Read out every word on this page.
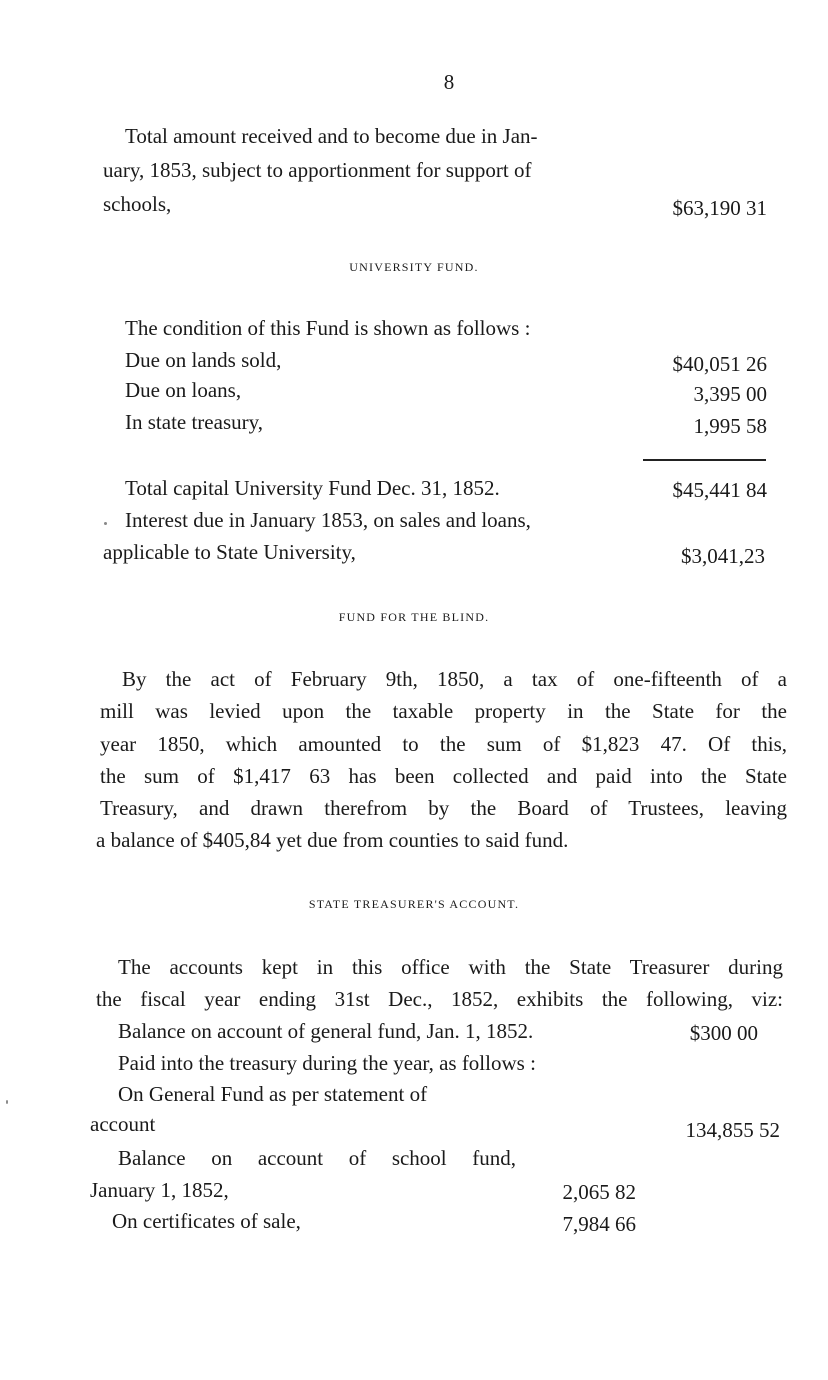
8
Total amount received and to become due in Jan-
uary, 1853, subject to apportionment for support of
schools,	$63,190 31
UNIVERSITY FUND.
The condition of this Fund is shown as follows :
Due on lands sold,	$40,051 26
Due on loans,	3,395 00
In state treasury,	1,995 58
Total capital University Fund Dec. 31, 1852.	$45,441 84
Interest due in January 1853, on sales and loans,
applicable to State University,	$3,041,23
FUND FOR THE BLIND.
By the act of February 9th, 1850, a tax of one-fifteenth of a
mill was levied upon the taxable property in the State for the
year 1850, which amounted to the sum of $1,823 47. Of this,
the sum of $1,417 63 has been collected and paid into the State
Treasury, and drawn therefrom by the Board of Trustees, leaving
a balance of $405,84 yet due from counties to said fund.
STATE TREASURER'S ACCOUNT.
The accounts kept in this office with the State Treasurer during
the fiscal year ending 31st Dec., 1852, exhibits the following, viz:
Balance on account of general fund, Jan. 1, 1852.	$300 00
Paid into the treasury during the year, as follows :
On General Fund as per statement of
account	134,855 52
Balance on account of school fund,
January 1, 1852,	2,065 82
On certificates of sale,	7,984 66
